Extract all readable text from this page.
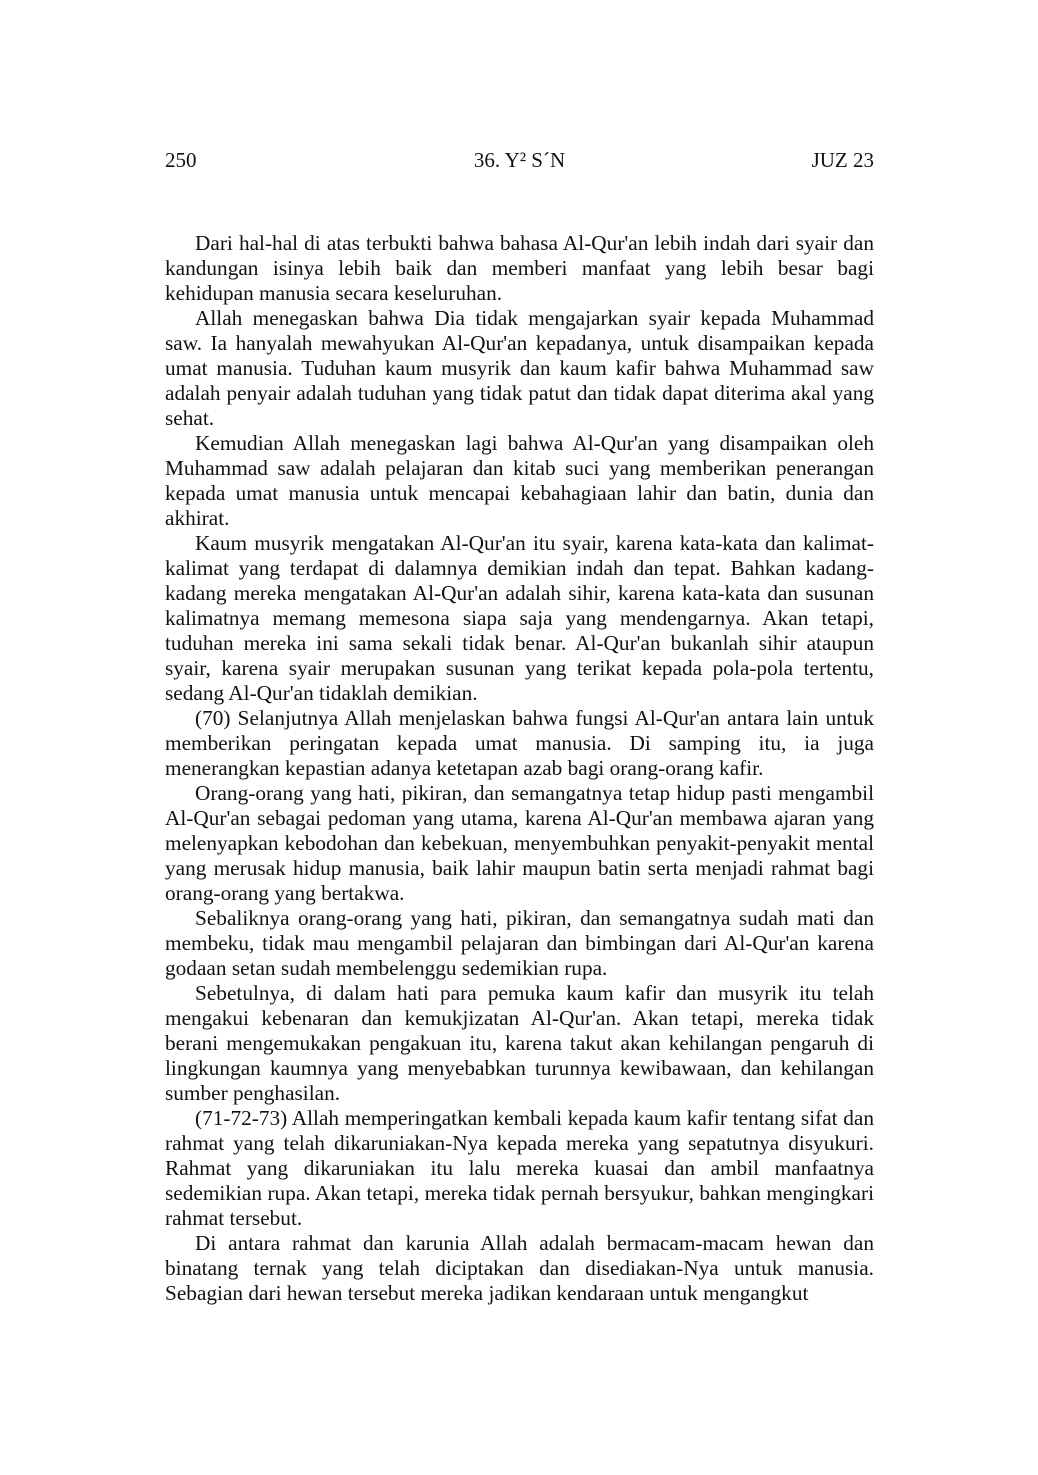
250	36. Y² S´N	JUZ 23

Dari hal-hal di atas terbukti bahwa bahasa Al-Qur'an lebih indah dari syair dan kandungan isinya lebih baik dan memberi manfaat yang lebih besar bagi kehidupan manusia secara keseluruhan.

Allah menegaskan bahwa Dia tidak mengajarkan syair kepada Muhammad saw. Ia hanyalah mewahyukan Al-Qur'an kepadanya, untuk disampaikan kepada umat manusia. Tuduhan kaum musyrik dan kaum kafir bahwa Muhammad saw adalah penyair adalah tuduhan yang tidak patut dan tidak dapat diterima akal yang sehat.

Kemudian Allah menegaskan lagi bahwa Al-Qur'an yang disampaikan oleh Muhammad saw adalah pelajaran dan kitab suci yang memberikan penerangan kepada umat manusia untuk mencapai kebahagiaan lahir dan batin, dunia dan akhirat.

Kaum musyrik mengatakan Al-Qur'an itu syair, karena kata-kata dan kalimat-kalimat yang terdapat di dalamnya demikian indah dan tepat. Bahkan kadang-kadang mereka mengatakan Al-Qur'an adalah sihir, karena kata-kata dan susunan kalimatnya memang memesona siapa saja yang mendengarnya. Akan tetapi, tuduhan mereka ini sama sekali tidak benar. Al-Qur'an bukanlah sihir ataupun syair, karena syair merupakan susunan yang terikat kepada pola-pola tertentu, sedang Al-Qur'an tidaklah demikian.

(70) Selanjutnya Allah menjelaskan bahwa fungsi Al-Qur'an antara lain untuk memberikan peringatan kepada umat manusia. Di samping itu, ia juga menerangkan kepastian adanya ketetapan azab bagi orang-orang kafir.

Orang-orang yang hati, pikiran, dan semangatnya tetap hidup pasti mengambil Al-Qur'an sebagai pedoman yang utama, karena Al-Qur'an membawa ajaran yang melenyapkan kebodohan dan kebekuan, menyembuhkan penyakit-penyakit mental yang merusak hidup manusia, baik lahir maupun batin serta menjadi rahmat bagi orang-orang yang bertakwa.

Sebaliknya orang-orang yang hati, pikiran, dan semangatnya sudah mati dan membeku, tidak mau mengambil pelajaran dan bimbingan dari Al-Qur'an karena godaan setan sudah membelenggu sedemikian rupa.

Sebetulnya, di dalam hati para pemuka kaum kafir dan musyrik itu telah mengakui kebenaran dan kemukjizatan Al-Qur'an. Akan tetapi, mereka tidak berani mengemukakan pengakuan itu, karena takut akan kehilangan pengaruh di lingkungan kaumnya yang menyebabkan turunnya kewibawaan, dan kehilangan sumber penghasilan.

(71-72-73) Allah memperingatkan kembali kepada kaum kafir tentang sifat dan rahmat yang telah dikaruniakan-Nya kepada mereka yang sepatutnya disyukuri. Rahmat yang dikaruniakan itu lalu mereka kuasai dan ambil manfaatnya sedemikian rupa. Akan tetapi, mereka tidak pernah bersyukur, bahkan mengingkari rahmat tersebut.

Di antara rahmat dan karunia Allah adalah bermacam-macam hewan dan binatang ternak yang telah diciptakan dan disediakan-Nya untuk manusia. Sebagian dari hewan tersebut mereka jadikan kendaraan untuk mengangkut
